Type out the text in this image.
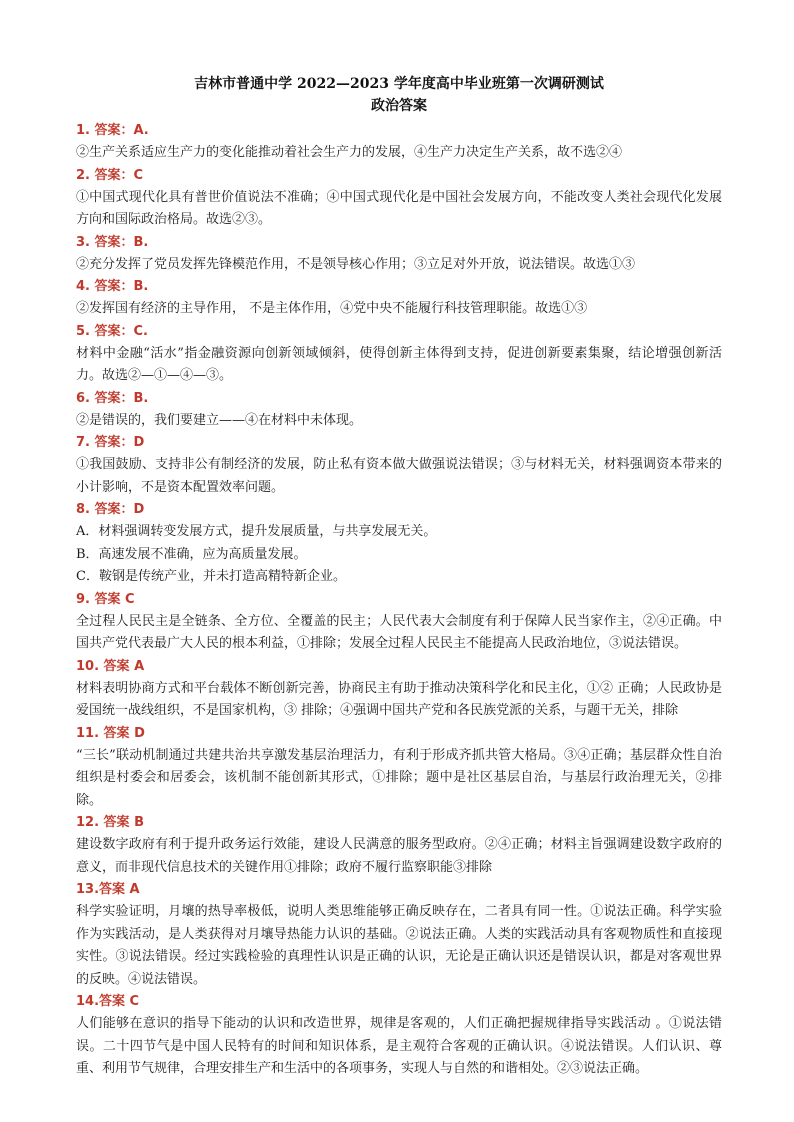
吉林市普通中学 2022—2023 学年度高中毕业班第一次调研测试
政治答案
1. 答案：A.
②生产关系适应生产力的变化能推动着社会生产力的发展，④生产力决定生产关系，故不选②④
2. 答案：C
①中国式现代化具有普世价值说法不准确；④中国式现代化是中国社会发展方向，不能改变人类社会现代化发展方向和国际政治格局。故选②③。
3. 答案：B.
②充分发挥了党员发挥先锋模范作用，不是领导核心作用；③立足对外开放，说法错误。故选①③
4. 答案：B.
②发挥国有经济的主导作用， 不是主体作用，④党中央不能履行科技管理职能。故选①③
5. 答案：C.
材料中金融“活水”指金融资源向创新领域倾斜，使得创新主体得到支持，促进创新要素集聚，结论增强创新活力。故选②—①—④—③。
6. 答案：B.
②是错误的，我们要建立——④在材料中未体现。
7. 答案：D
①我国鼓励、支持非公有制经济的发展，防止私有资本做大做强说法错误；③与材料无关，材料强调资本带来的小计影响，不是资本配置效率问题。
8. 答案：D
A．材料强调转变发展方式，提升发展质量，与共享发展无关。
B．高速发展不准确，应为高质量发展。
C．鞍钢是传统产业，并未打造高精特新企业。
9. 答案 C
全过程人民民主是全链条、全方位、全覆盖的民主；人民代表大会制度有利于保障人民当家作主，②④正确。中国共产党代表最广大人民的根本利益，①排除；发展全过程人民民主不能提高人民政治地位，③说法错误。
10. 答案 A
材料表明协商方式和平台载体不断创新完善，协商民主有助于推动决策科学化和民主化，①② 正确；人民政协是爱国统一战线组织，不是国家机构，③ 排除；④强调中国共产党和各民族党派的关系，与题干无关，排除
11. 答案 D
“三长”联动机制通过共建共治共享激发基层治理活力，有利于形成齐抓共管大格局。③④正确；基层群众性自治组织是村委会和居委会，该机制不能创新其形式，①排除；题中是社区基层自治，与基层行政治理无关，②排除。
12. 答案 B
建设数字政府有利于提升政务运行效能，建设人民满意的服务型政府。②④正确；材料主旨强调建设数字政府的意义，而非现代信息技术的关键作用①排除；政府不履行监察职能③排除
13.答案 A
科学实验证明，月壤的热导率极低，说明人类思维能够正确反映存在，二者具有同一性。①说法正确。科学实验作为实践活动，是人类获得对月壤导热能力认识的基础。②说法正确。人类的实践活动具有客观物质性和直接现实性。③说法错误。经过实践检验的真理性认识是正确的认识，无论是正确认识还是错误认识，都是对客观世界的反映。④说法错误。
14.答案 C
人们能够在意识的指导下能动的认识和改造世界，规律是客观的，人们正确把握规律指导实践活动 。①说法错误。二十四节气是中国人民特有的时间和知识体系，是主观符合客观的正确认识。④说法错误。人们认识、尊重、利用节气规律，合理安排生产和生活中的各项事务，实现人与自然的和谐相处。②③说法正确。
